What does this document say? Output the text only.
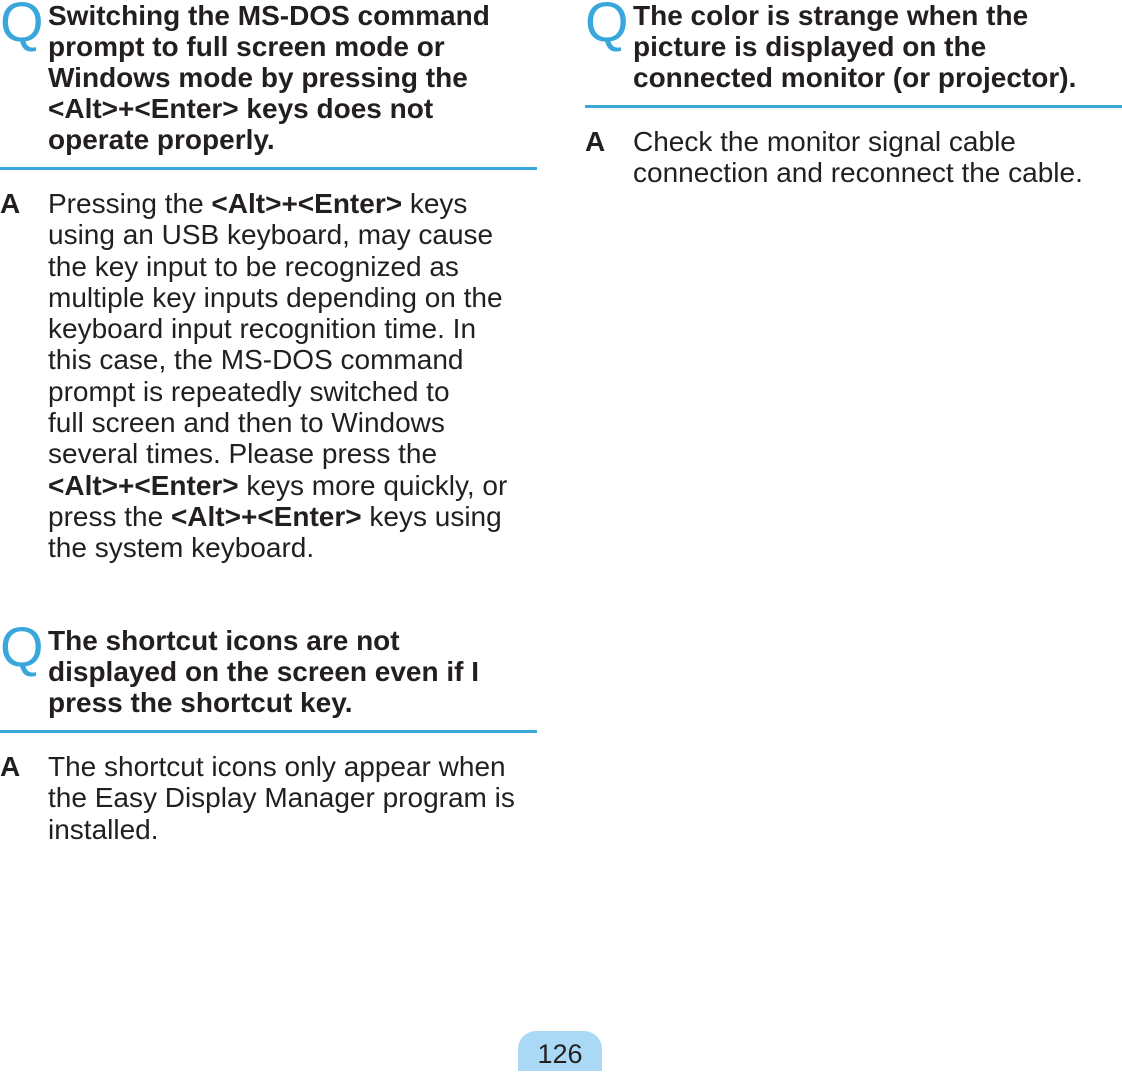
Q Switching the MS-DOS command
prompt to full screen mode or
Windows mode by pressing the
<Alt>+<Enter> keys does not
operate properly.
A Pressing the <Alt>+<Enter> keys
using an USB keyboard, may cause
the key input to be recognized as
multiple key inputs depending on the
keyboard input recognition time. In
this case, the MS-DOS command
prompt is repeatedly switched to
full screen and then to Windows
several times. Please press the
<Alt>+<Enter> keys more quickly, or
press the <Alt>+<Enter> keys using
the system keyboard.
Q The shortcut icons are not
displayed on the screen even if I
press the shortcut key.
A The shortcut icons only appear when
the Easy Display Manager program is
installed.
Q The color is strange when the
picture is displayed on the
connected monitor (or projector).
A Check the monitor signal cable
connection and reconnect the cable.
126
